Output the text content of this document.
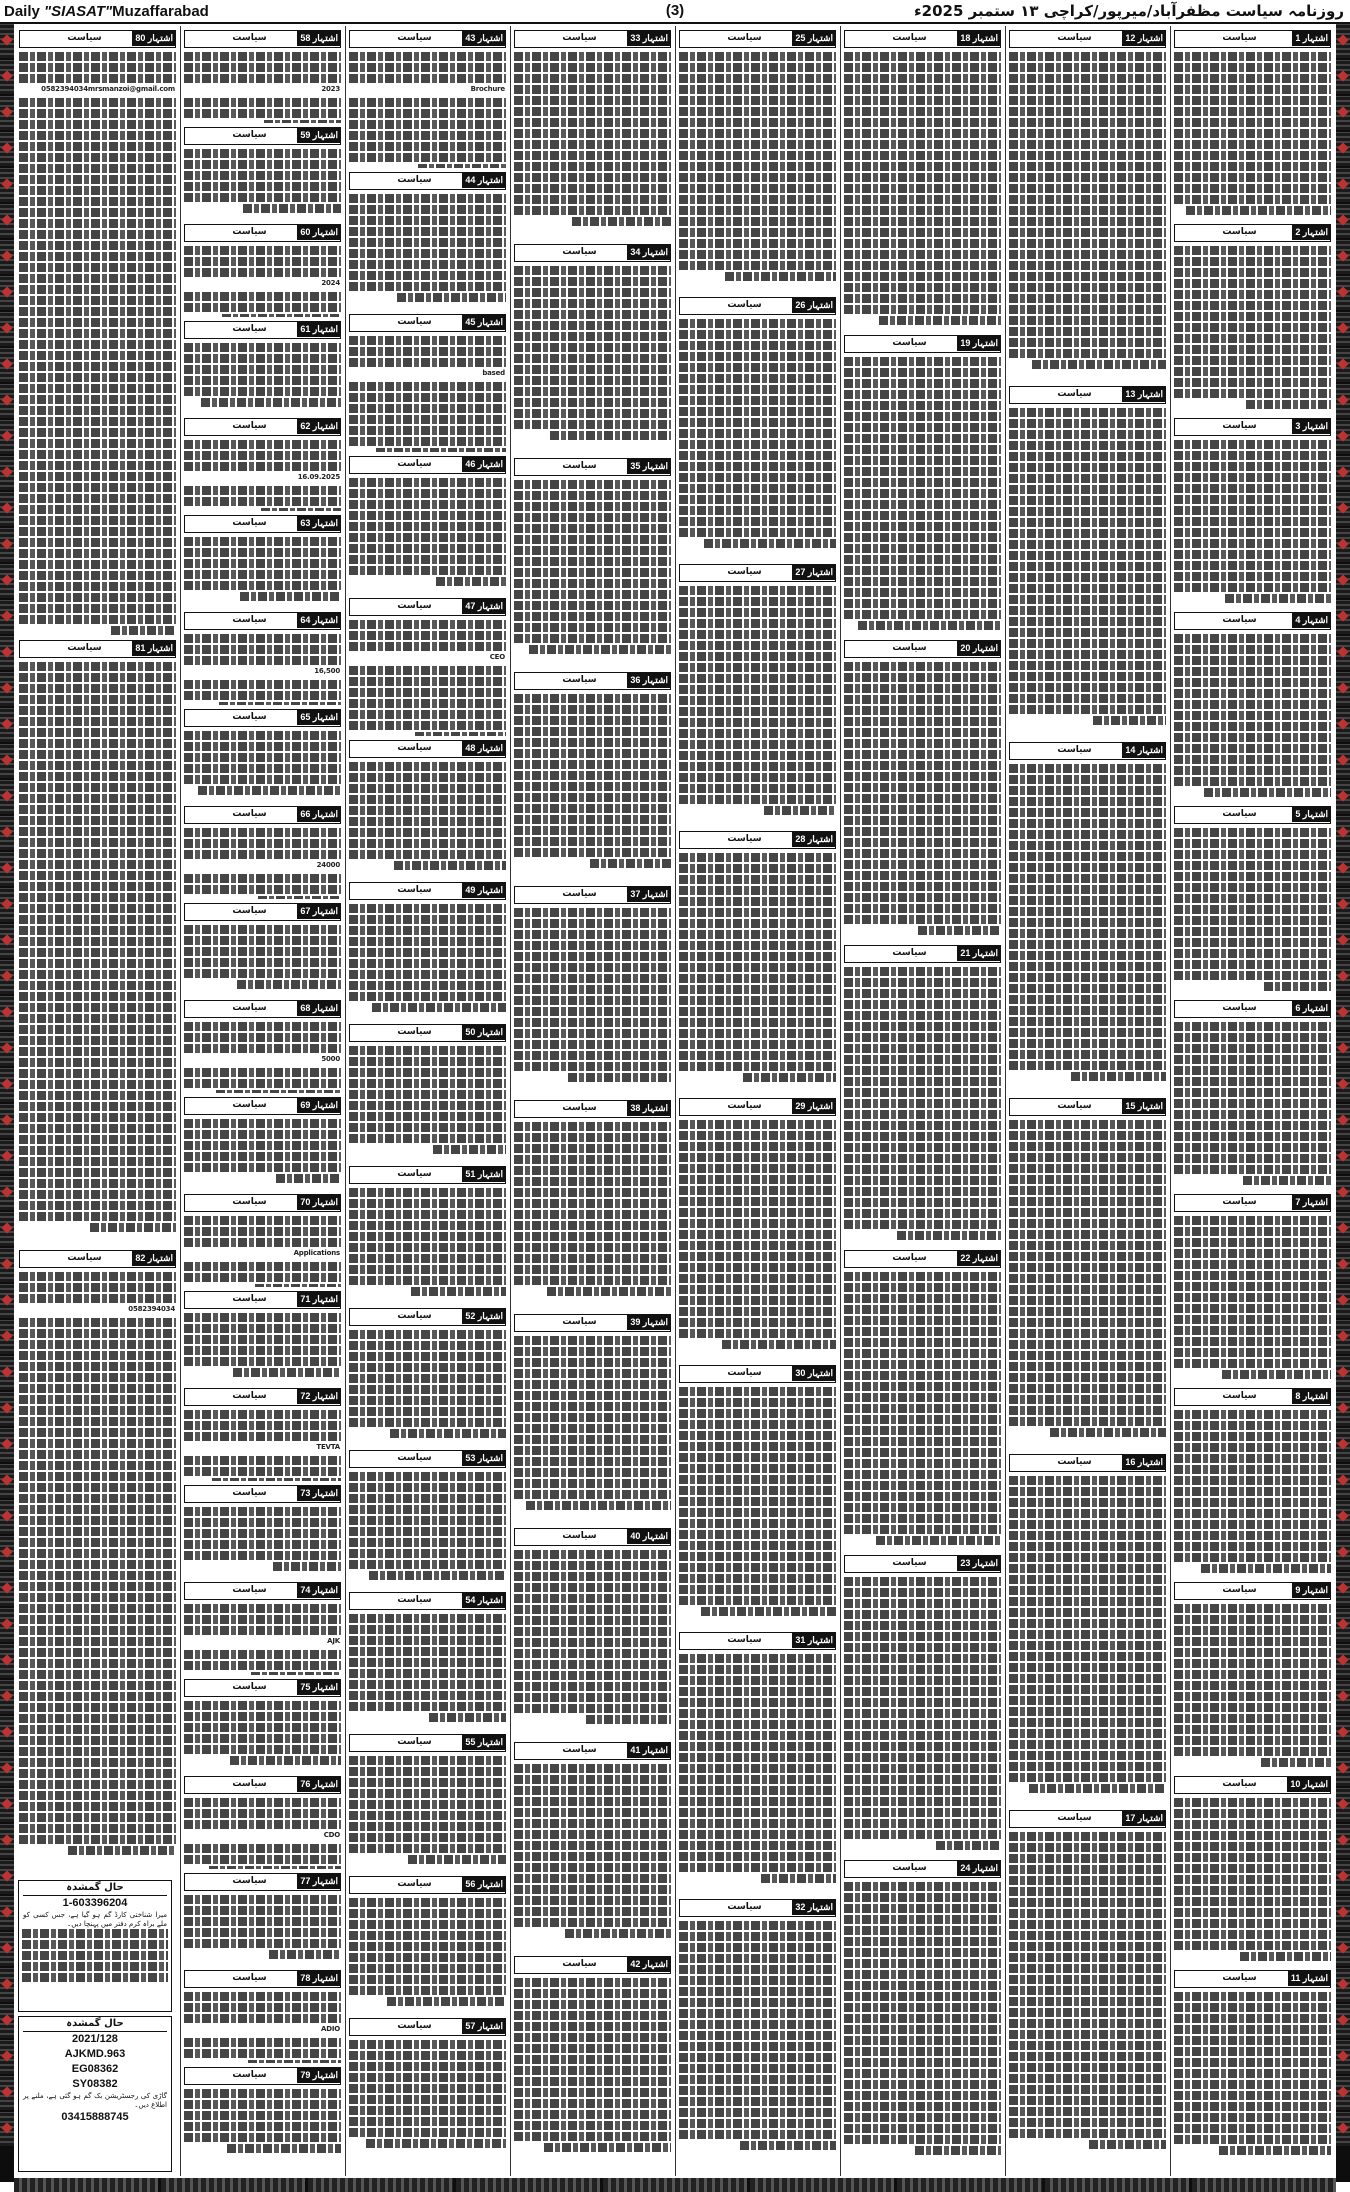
Daily "SIASAT"Muzaffarabad	(3)	روزنامہ سیاست مظفرآباد/میرپور/کراچی ۱۳ ستمبر 2025ء
اشتہار 80
سیاست
0582394034mrsmanzoi@gmail.com
اشتہار 81
سیاست
اشتہار 82
سیاست
0582394034
اشتہار 58
سیاست
2023
اشتہار 59
سیاست
اشتہار 60
سیاست
2024
اشتہار 61
سیاست
اشتہار 62
سیاست
16.09.2025
اشتہار 63
سیاست
اشتہار 64
سیاست
16,500
اشتہار 65
سیاست
اشتہار 66
سیاست
24000
اشتہار 67
سیاست
اشتہار 68
سیاست
5000
اشتہار 69
سیاست
اشتہار 70
سیاست
Applications
اشتہار 71
سیاست
اشتہار 72
سیاست
TEVTA
اشتہار 73
سیاست
اشتہار 74
سیاست
AJK
اشتہار 75
سیاست
اشتہار 76
سیاست
CDO
اشتہار 77
سیاست
اشتہار 78
سیاست
ADIO
اشتہار 79
سیاست
اشتہار 43
سیاست
Brochure
اشتہار 44
سیاست
اشتہار 45
سیاست
based
اشتہار 46
سیاست
اشتہار 47
سیاست
CEO
اشتہار 48
سیاست
اشتہار 49
سیاست
اشتہار 50
سیاست
اشتہار 51
سیاست
اشتہار 52
سیاست
اشتہار 53
سیاست
اشتہار 54
سیاست
اشتہار 55
سیاست
اشتہار 56
سیاست
اشتہار 57
سیاست
اشتہار 33
سیاست
اشتہار 34
سیاست
اشتہار 35
سیاست
اشتہار 36
سیاست
اشتہار 37
سیاست
اشتہار 38
سیاست
اشتہار 39
سیاست
اشتہار 40
سیاست
اشتہار 41
سیاست
اشتہار 42
سیاست
اشتہار 25
سیاست
اشتہار 26
سیاست
اشتہار 27
سیاست
اشتہار 28
سیاست
اشتہار 29
سیاست
اشتہار 30
سیاست
اشتہار 31
سیاست
اشتہار 32
سیاست
اشتہار 18
سیاست
اشتہار 19
سیاست
اشتہار 20
سیاست
اشتہار 21
سیاست
اشتہار 22
سیاست
اشتہار 23
سیاست
اشتہار 24
سیاست
اشتہار 12
سیاست
اشتہار 13
سیاست
اشتہار 14
سیاست
اشتہار 15
سیاست
اشتہار 16
سیاست
اشتہار 17
سیاست
اشتہار 1
سیاست
اشتہار 2
سیاست
اشتہار 3
سیاست
اشتہار 4
سیاست
اشتہار 5
سیاست
اشتہار 6
سیاست
اشتہار 7
سیاست
اشتہار 8
سیاست
اشتہار 9
سیاست
اشتہار 10
سیاست
اشتہار 11
سیاست
حال گمشدہ
1-603396204
میرا شناختی کارڈ گم ہو گیا ہے، جس کسی کو ملے براہ کرم دفتر میں پہنچا دیں۔
حال گمشدہ
2021/128
AJKMD.963
EG08362
SY08382
گاڑی کی رجسٹریشن بک گم ہو گئی ہے، ملنے پر اطلاع دیں۔
03415888745
